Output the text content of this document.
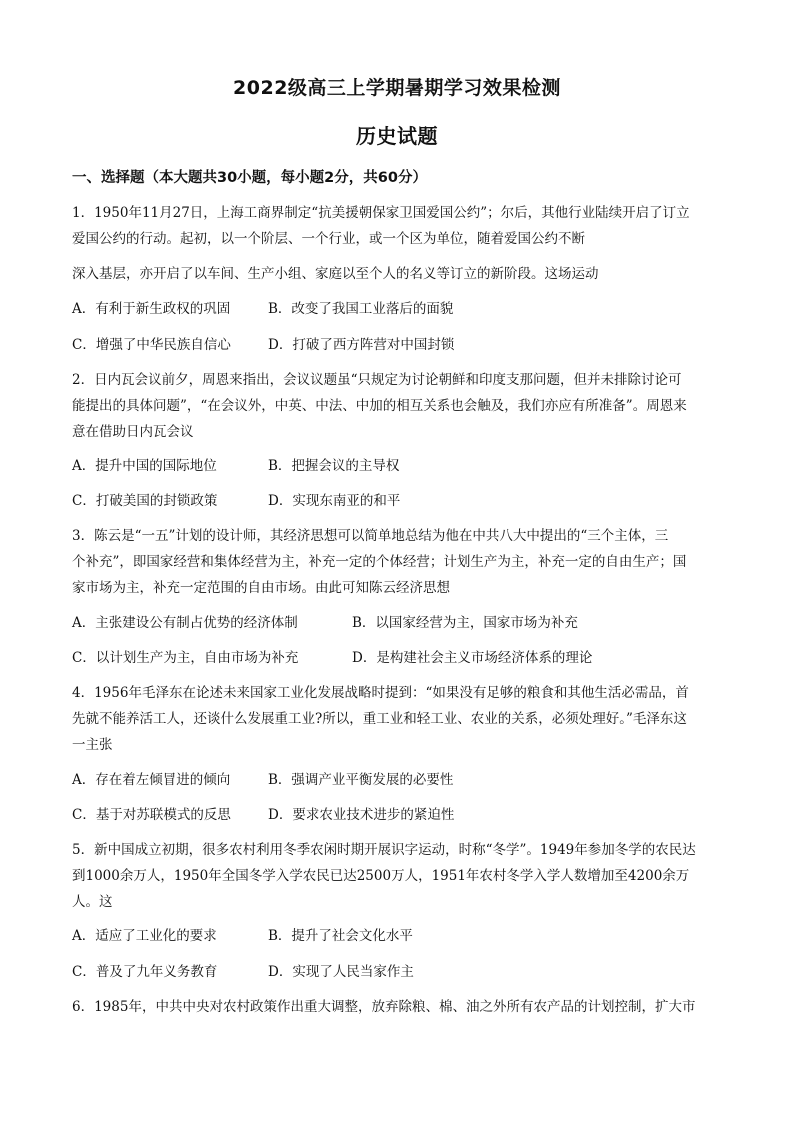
2022级高三上学期暑期学习效果检测
历史试题
一、选择题（本大题共30小题，每小题2分，共60分）
1．1950年11月27日，上海工商界制定“抗美援朝保家卫国爱国公约”；尔后，其他行业陆续开启了订立
爱国公约的行动。起初，以一个阶层、一个行业，或一个区为单位，随着爱国公约不断
深入基层，亦开启了以车间、生产小组、家庭以至个人的名义等订立的新阶段。这场运动
A．有利于新生政权的巩固	B．改变了我国工业落后的面貌
C．增强了中华民族自信心	D．打破了西方阵营对中国封锁
2．日内瓦会议前夕，周恩来指出，会议议题虽“只规定为讨论朝鲜和印度支那问题，但并未排除讨论可
能提出的具体问题”，“在会议外，中英、中法、中加的相互关系也会触及，我们亦应有所准备”。周恩来
意在借助日内瓦会议
A．提升中国的国际地位	B．把握会议的主导权
C．打破美国的封锁政策	D．实现东南亚的和平
3．陈云是“一五”计划的设计师，其经济思想可以简单地总结为他在中共八大中提出的“三个主体，三
个补充”，即国家经营和集体经营为主，补充一定的个体经营；计划生产为主，补充一定的自由生产；国
家市场为主，补充一定范围的自由市场。由此可知陈云经济思想
A．主张建设公有制占优势的经济体制	B．以国家经营为主，国家市场为补充
C．以计划生产为主，自由市场为补充	D．是构建社会主义市场经济体系的理论
4．1956年毛泽东在论述未来国家工业化发展战略时提到：“如果没有足够的粮食和其他生活必需品，首
先就不能养活工人，还谈什么发展重工业?所以，重工业和轻工业、农业的关系，必须处理好。”毛泽东这
一主张
A．存在着左倾冒进的倾向	B．强调产业平衡发展的必要性
C．基于对苏联模式的反思	D．要求农业技术进步的紧迫性
5．新中国成立初期，很多农村利用冬季农闲时期开展识字运动，时称“冬学”。1949年参加冬学的农民达
到1000余万人，1950年全国冬学入学农民已达2500万人，1951年农村冬学入学人数增加至4200余万
人。这
A．适应了工业化的要求	B．提升了社会文化水平
C．普及了九年义务教育	D．实现了人民当家作主
6．1985年，中共中央对农村政策作出重大调整，放弃除粮、棉、油之外所有农产品的计划控制，扩大市
